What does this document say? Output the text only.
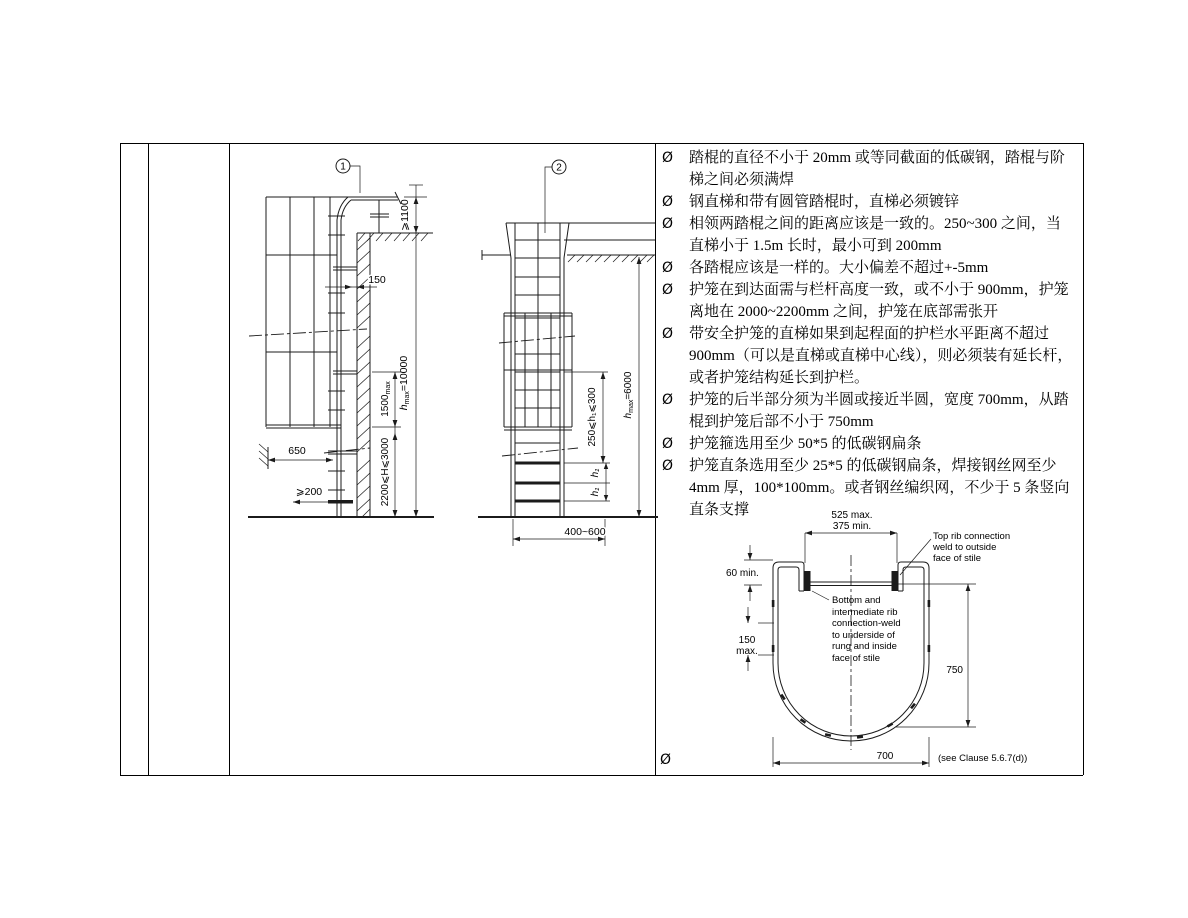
1
150
650
⩾200
⩾1100
hmax=10000
$1500_{max}$
2200⩽H⩽3000
2
250⩽h₁⩽300
h₁
h₁
$h_{max}=6000$
400~600
Ø 踏棍的直径不小于 20mm 或等同截面的低碳钢，踏棍与阶梯之间必须满焊
Ø 钢直梯和带有圆管踏棍时，直梯必须镀锌
Ø 相领两踏棍之间的距离应该是一致的。250~300 之间，当直梯小于 1.5m 长时，最小可到 200mm
Ø 各踏棍应该是一样的。大小偏差不超过+-5mm
Ø 护笼在到达面需与栏杆高度一致，或不小于 900mm，护笼离地在 2000~2200mm 之间，护笼在底部需张开
Ø 带安全护笼的直梯如果到起程面的护栏水平距离不超过 900mm（可以是直梯或直梯中心线），则必须装有延长杆，或者护笼结构延长到护栏。
Ø 护笼的后半部分须为半圆或接近半圆，宽度 700mm，从踏棍到护笼后部不小于 750mm
Ø 护笼箍选用至少 50*5 的低碳钢扁条
Ø 护笼直条选用至少 25*5 的低碳钢扁条，焊接钢丝网至少 4mm 厚，100*100mm。或者钢丝编织网，不少于 5 条竖向直条支撑	525 max.
375 min.
60 min.
150
max.
750
700
Top rib connection
weld to outside
face of stile
Bottom and
intermediate rib
connection-weld
to underside of
rung and inside
face of stile
(see Clause 5.6.7(d))
Ø
